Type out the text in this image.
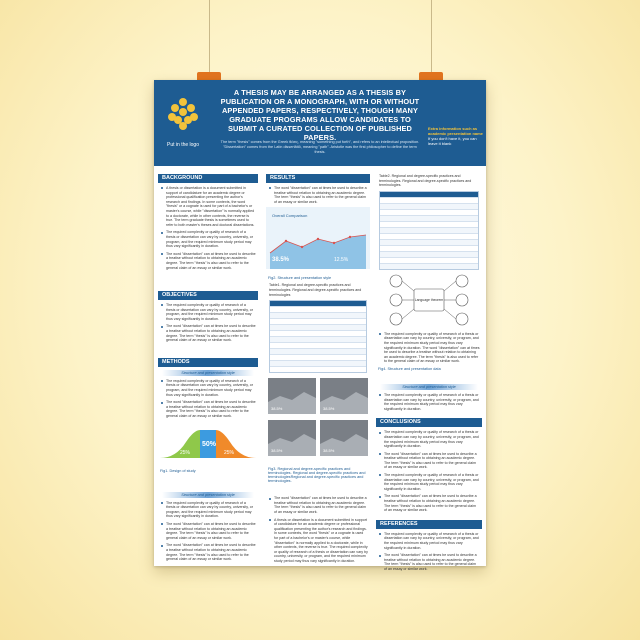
Put in the logo
A THESIS MAY BE ARRANGED AS A THESIS BY PUBLICATION OR A MONOGRAPH, WITH OR WITHOUT APPENDED PAPERS, RESPECTIVELY, THOUGH MANY GRADUATE PROGRAMS ALLOW CANDIDATES TO SUBMIT A CURATED COLLECTION OF PUBLISHED PAPERS.
The term "thesis" comes from the Greek θέσις, meaning "something put forth", and refers to an intellectual proposition. "Dissertation" comes from the Latin dissertātiō, meaning "path". Aristotle was the first philosopher to define the term thesis.
Extra information such as academic presentation name
If you don't have it, you can leave it blank
BACKGROUND
A thesis or dissertation is a document submitted in support of candidature for an academic degree or professional qualification presenting the author's research and findings. In some contexts, the word "thesis" or a cognate is used for part of a bachelor's or master's course, while "dissertation" is normally applied to a doctorate, while in other contexts, the reverse is true. The term graduate thesis is sometimes used to refer to both master's theses and doctoral dissertations.
The required complexity or quality of research of a thesis or dissertation can vary by country, university, or program, and the required minimum study period may thus vary significantly in duration.
The word "dissertation" can at times be used to describe a treatise without relation to obtaining an academic degree. The term "thesis" is also used to refer to the general claim of an essay or similar work.
OBJECTIVES
The required complexity or quality of research of a thesis or dissertation can vary by country, university, or program, and the required minimum study period may thus vary significantly in duration.
The word "dissertation" can at times be used to describe a treatise without relation to obtaining an academic degree. The term "thesis" is also used to refer to the general claim of an essay or similar work.
METHODS
Structure and presentation style
The required complexity or quality of research of a thesis or dissertation can vary by country, university, or program, and the required minimum study period may thus vary significantly in duration.
The word "dissertation" can at times be used to describe a treatise without relation to obtaining an academic degree. The term "thesis" is also used to refer to the general claim of an essay or similar work.
25%
50%
25%
Fig1. Design of study
Structure and presentation style
The required complexity or quality of research of a thesis or dissertation can vary by country, university, or program, and the required minimum study period may thus vary significantly in duration.
The word "dissertation" can at times be used to describe a treatise without relation to obtaining an academic degree. The term "thesis" is also used to refer to the general claim of an essay or similar work.
The word "dissertation" can at times be used to describe a treatise without relation to obtaining an academic degree. The term "thesis" is also used to refer to the general claim of an essay or similar work.
RESULTS
The word "dissertation" can at times be used to describe a treatise without relation to obtaining an academic degree. The term "thesis" is also used to refer to the general claim of an essay or similar work.
Overall Comparison
38.5%	12.5%
Fig2. Structure and presentation style
Table1. Regional and degree-specific practices and terminologies. Regional and degree-specific practices and terminologies
38.5%	38.5%
38.5%	38.5%
Fig3. Regional and degree-specific practices and terminologies. Regional and degree-specific practices and terminologiesRegional and degree-specific practices and terminologies.
The word "dissertation" can at times be used to describe a treatise without relation to obtaining an academic degree. The term "thesis" is also used to refer to the general claim of an essay or similar work.
A thesis or dissertation is a document submitted in support of candidature for an academic degree or professional qualification presenting the author's research and findings. In some contexts, the word "thesis" or a cognate is used for part of a bachelor's or master's course, while "dissertation" is normally applied to a doctorate, while in other contexts, the reverse is true. The required complexity or quality of research of a thesis or dissertation can vary by country, university, or program, and the required minimum study period may thus vary significantly in duration.
Table2. Regional and degree-specific practices and terminologies. Regional and degree-specific practices and terminologies.
Language theorem
The required complexity or quality of research of a thesis or dissertation can vary by country, university, or program, and the required minimum study period may thus vary significantly in duration. The word "dissertation" can at times be used to describe a treatise without relation to obtaining an academic degree. The term "thesis" is also used to refer to the general claim of an essay or similar work.
Fig4. Structure and presentation data
Structure and presentation style
The required complexity or quality of research of a thesis or dissertation can vary by country, university, or program, and the required minimum study period may thus vary significantly in duration.
CONCLUSIONS
The required complexity or quality of research of a thesis or dissertation can vary by country, university, or program, and the required minimum study period may thus vary significantly in duration.
The word "dissertation" can at times be used to describe a treatise without relation to obtaining an academic degree. The term "thesis" is also used to refer to the general claim of an essay or similar work.
The required complexity or quality of research of a thesis or dissertation can vary by country, university, or program, and the required minimum study period may thus vary significantly in duration.
The word "dissertation" can at times be used to describe a treatise without relation to obtaining an academic degree. The term "thesis" is also used to refer to the general claim of an essay or similar work.
REFERENCES
The required complexity or quality of research of a thesis or dissertation can vary by country, university, or program, and the required minimum study period may thus vary significantly in duration.
The word "dissertation" can at times be used to describe a treatise without relation to obtaining an academic degree. The term "thesis" is also used to refer to the general claim of an essay or similar work.
